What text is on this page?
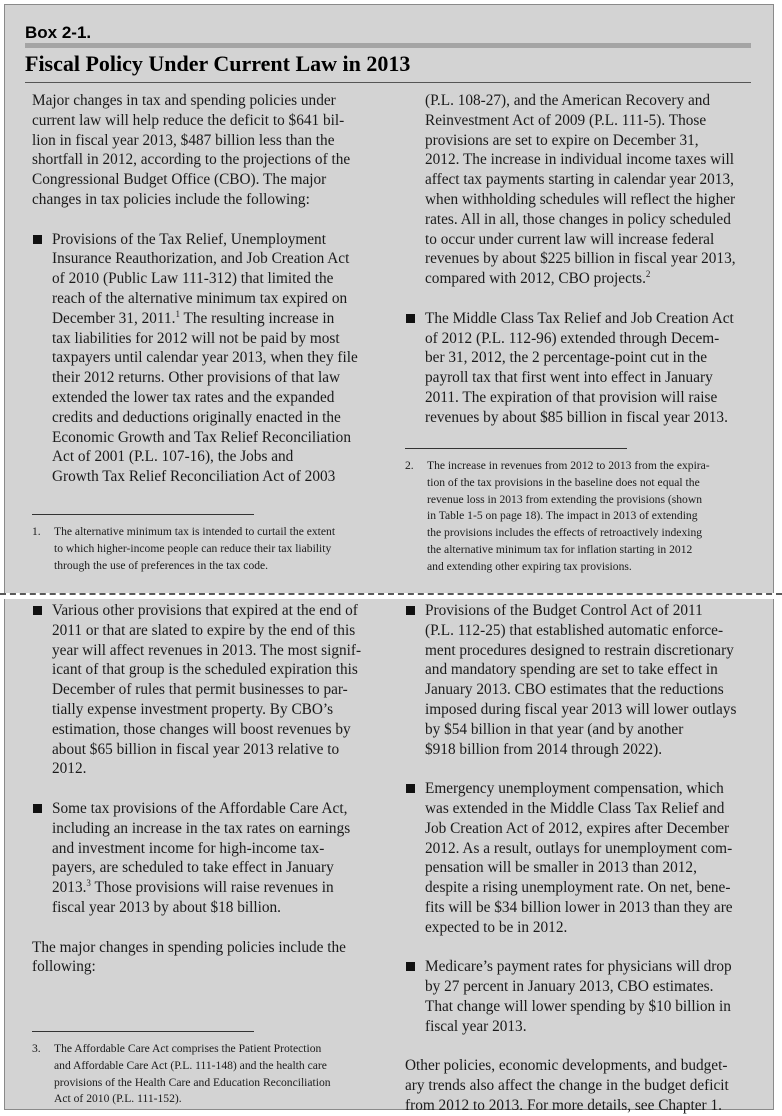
Box 2-1.
Fiscal Policy Under Current Law in 2013

Major changes in tax and spending policies under

current law will help reduce the deficit to $641 bil-

lion in fiscal year 2013, $487 billion less than the

shortfall in 2012, according to the projections of the

Congressional Budget Office (CBO). The major

changes in tax policies include the following:

Provisions of the Tax Relief, Unemployment

Insurance Reauthorization, and Job Creation Act

of 2010 (Public Law 111-312) that limited the

reach of the alternative minimum tax expired on

December 31, 2011.$^1$ The resulting increase in

tax liabilities for 2012 will not be paid by most

taxpayers until calendar year 2013, when they file

their 2012 returns. Other provisions of that law

extended the lower tax rates and the expanded

credits and deductions originally enacted in the

Economic Growth and Tax Relief Reconciliation

Act of 2001 (P.L. 107-16), the Jobs and

Growth Tax Relief Reconciliation Act of 2003

1. The alternative minimum tax is intended to curtail the extent
to which higher-income people can reduce their tax liability
through the use of preferences in the tax code.

(P.L. 108-27), and the American Recovery and

Reinvestment Act of 2009 (P.L. 111-5). Those

provisions are set to expire on December 31,

2012. The increase in individual income taxes will

affect tax payments starting in calendar year 2013,

when withholding schedules will reflect the higher

rates. All in all, those changes in policy scheduled

to occur under current law will increase federal

revenues by about $225 billion in fiscal year 2013,

compared with 2012, CBO projects.$^2$

The Middle Class Tax Relief and Job Creation Act

of 2012 (P.L. 112-96) extended through Decem-

ber 31, 2012, the 2 percentage-point cut in the

payroll tax that first went into effect in January

2011. The expiration of that provision will raise

revenues by about $85 billion in fiscal year 2013.

2. The increase in revenues from 2012 to 2013 from the expira-
tion of the tax provisions in the baseline does not equal the
revenue loss in 2013 from extending the provisions (shown
in Table 1-5 on page 18). The impact in 2013 of extending
the provisions includes the effects of retroactively indexing
the alternative minimum tax for inflation starting in 2012
and extending other expiring tax provisions.

Various other provisions that expired at the end of

2011 or that are slated to expire by the end of this

year will affect revenues in 2013. The most signif-

icant of that group is the scheduled expiration this

December of rules that permit businesses to par-

tially expense investment property. By CBO’s

estimation, those changes will boost revenues by

about $65 billion in fiscal year 2013 relative to

2012.

Some tax provisions of the Affordable Care Act,

including an increase in the tax rates on earnings

and investment income for high-income tax-

payers, are scheduled to take effect in January

2013.$^3$ Those provisions will raise revenues in

fiscal year 2013 by about $18 billion.

The major changes in spending policies include the

following:

3. The Affordable Care Act comprises the Patient Protection
and Affordable Care Act (P.L. 111-148) and the health care
provisions of the Health Care and Education Reconciliation
Act of 2010 (P.L. 111-152).

Provisions of the Budget Control Act of 2011

(P.L. 112-25) that established automatic enforce-

ment procedures designed to restrain discretionary

and mandatory spending are set to take effect in

January 2013. CBO estimates that the reductions

imposed during fiscal year 2013 will lower outlays

by $54 billion in that year (and by another

$918 billion from 2014 through 2022).

Emergency unemployment compensation, which

was extended in the Middle Class Tax Relief and

Job Creation Act of 2012, expires after December

2012. As a result, outlays for unemployment com-

pensation will be smaller in 2013 than 2012,

despite a rising unemployment rate. On net, bene-

fits will be $34 billion lower in 2013 than they are

expected to be in 2012.

Medicare’s payment rates for physicians will drop

by 27 percent in January 2013, CBO estimates.

That change will lower spending by $10 billion in

fiscal year 2013.

Other policies, economic developments, and budget-

ary trends also affect the change in the budget deficit

from 2012 to 2013. For more details, see Chapter 1.
